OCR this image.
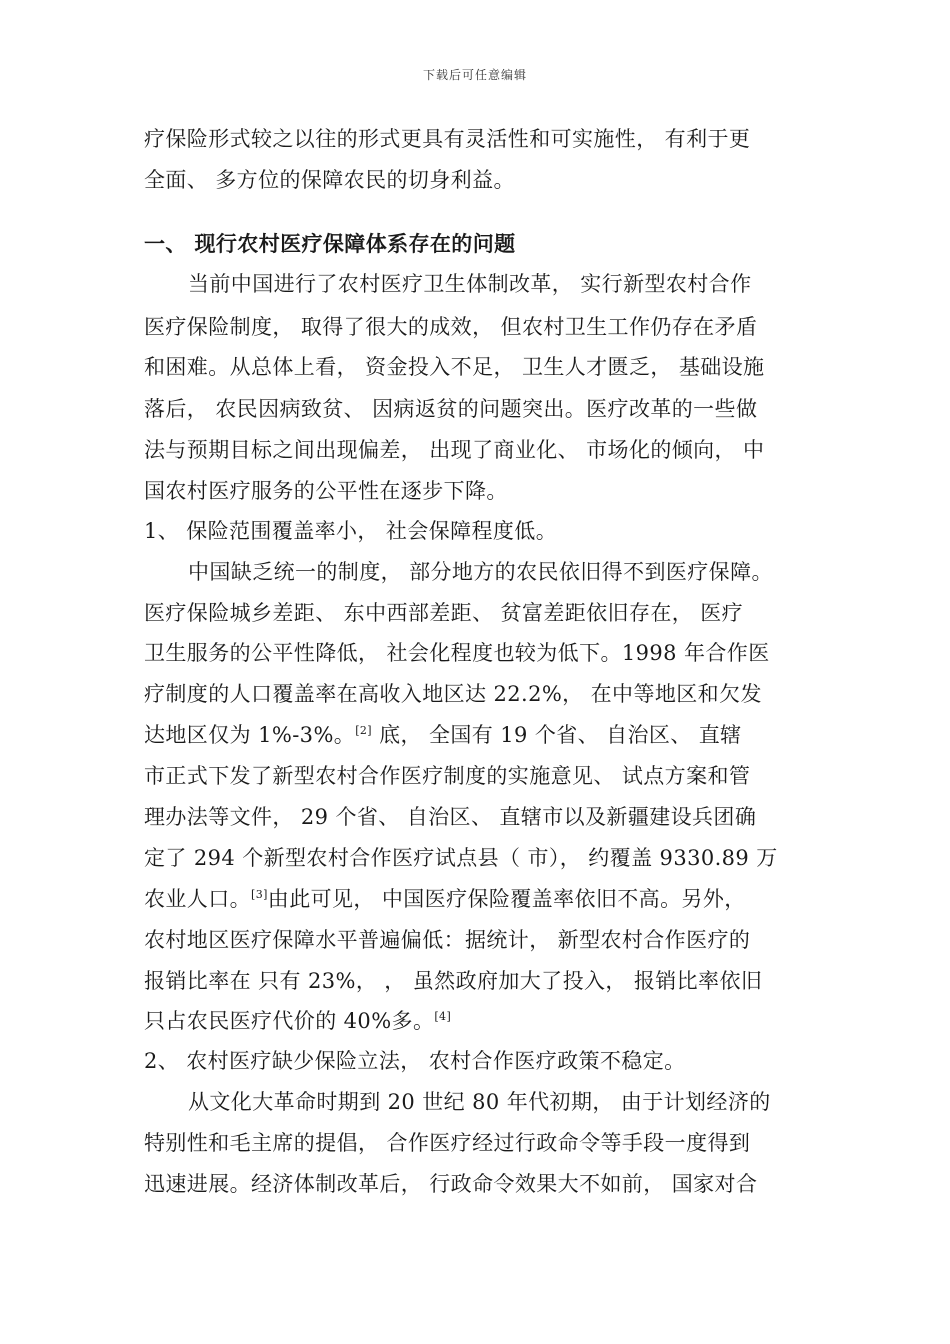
下载后可任意编辑
疗保险形式较之以往的形式更具有灵活性和可实施性， 有利于更
全面、 多方位的保障农民的切身利益。
一、 现行农村医疗保障体系存在的问题
当前中国进行了农村医疗卫生体制改革， 实行新型农村合作
医疗保险制度， 取得了很大的成效， 但农村卫生工作仍存在矛盾
和困难。从总体上看， 资金投入不足， 卫生人才匮乏， 基础设施
落后， 农民因病致贫、 因病返贫的问题突出。医疗改革的一些做
法与预期目标之间出现偏差， 出现了商业化、 市场化的倾向， 中
国农村医疗服务的公平性在逐步下降。
1、 保险范围覆盖率小， 社会保障程度低。
中国缺乏统一的制度， 部分地方的农民依旧得不到医疗保障。
医疗保险城乡差距、 东中西部差距、 贫富差距依旧存在， 医疗
卫生服务的公平性降低， 社会化程度也较为低下。1998 年合作医
疗制度的人口覆盖率在高收入地区达 22.2%， 在中等地区和欠发
达地区仅为 1%-3%。[2] 底， 全国有 19 个省、 自治区、 直辖
市正式下发了新型农村合作医疗制度的实施意见、 试点方案和管
理办法等文件， 29 个省、 自治区、 直辖市以及新疆建设兵团确
定了 294 个新型农村合作医疗试点县（ 市）， 约覆盖 9330.89 万
农业人口。[3]由此可见， 中国医疗保险覆盖率依旧不高。另外，
农村地区医疗保障水平普遍偏低：据统计， 新型农村合作医疗的
报销比率在 只有 23%， ， 虽然政府加大了投入， 报销比率依旧
只占农民医疗代价的 40%多。[4]
2、 农村医疗缺少保险立法， 农村合作医疗政策不稳定。
从文化大革命时期到 20 世纪 80 年代初期， 由于计划经济的
特别性和毛主席的提倡， 合作医疗经过行政命令等手段一度得到
迅速进展。经济体制改革后， 行政命令效果大不如前， 国家对合
